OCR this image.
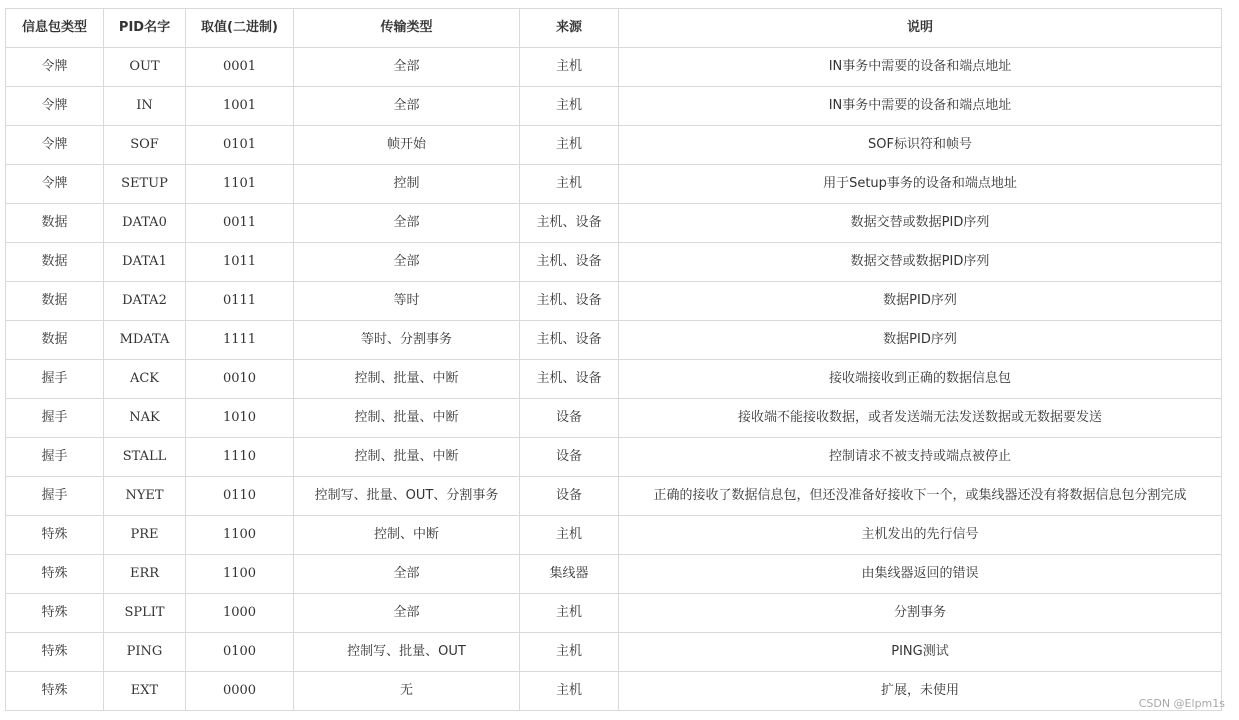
信息包类型	PID名字	取值(二进制)	传输类型	来源	说明
令牌	OUT	0001	全部	主机	IN事务中需要的设备和端点地址
令牌	IN	1001	全部	主机	IN事务中需要的设备和端点地址
令牌	SOF	0101	帧开始	主机	SOF标识符和帧号
令牌	SETUP	1101	控制	主机	用于Setup事务的设备和端点地址
数据	DATA0	0011	全部	主机、设备	数据交替或数据PID序列
数据	DATA1	1011	全部	主机、设备	数据交替或数据PID序列
数据	DATA2	0111	等时	主机、设备	数据PID序列
数据	MDATA	1111	等时、分割事务	主机、设备	数据PID序列
握手	ACK	0010	控制、批量、中断	主机、设备	接收端接收到正确的数据信息包
握手	NAK	1010	控制、批量、中断	设备	接收端不能接收数据，或者发送端无法发送数据或无数据要发送
握手	STALL	1110	控制、批量、中断	设备	控制请求不被支持或端点被停止
握手	NYET	0110	控制写、批量、OUT、分割事务	设备	正确的接收了数据信息包，但还没准备好接收下一个，或集线器还没有将数据信息包分割完成
特殊	PRE	1100	控制、中断	主机	主机发出的先行信号
特殊	ERR	1100	全部	集线器	由集线器返回的错误
特殊	SPLIT	1000	全部	主机	分割事务
特殊	PING	0100	控制写、批量、OUT	主机	PING测试
特殊	EXT	0000	无	主机	扩展，未使用
CSDN @Elpm1s
